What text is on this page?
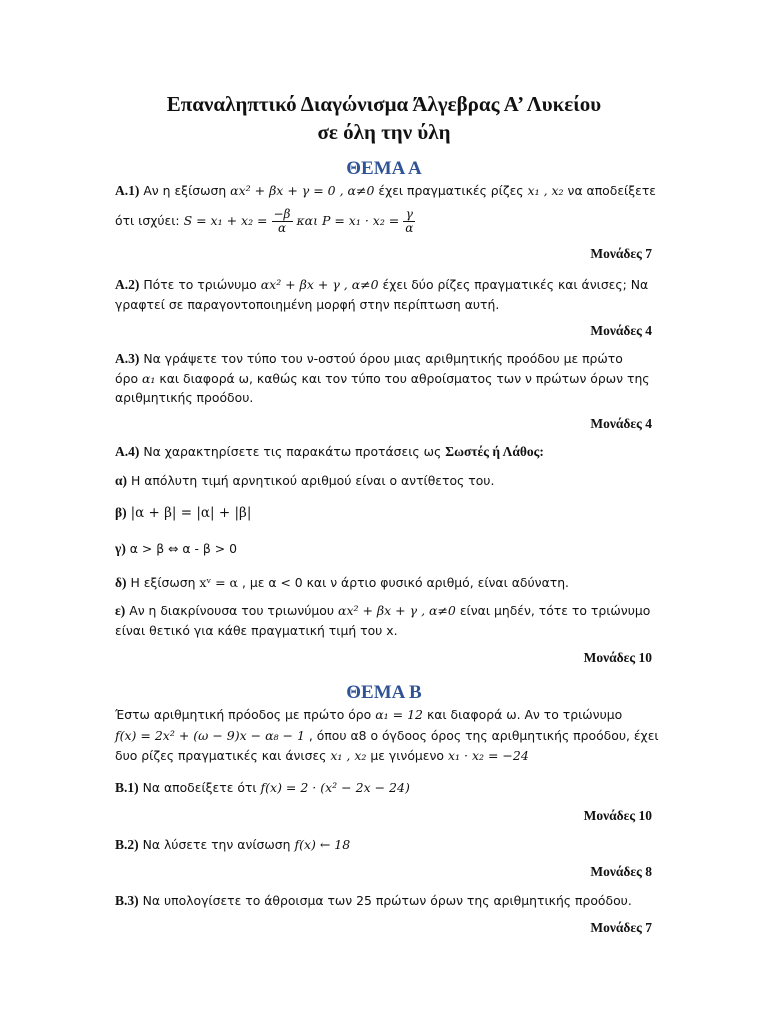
Επαναληπτικό Διαγώνισμα Άλγεβρας Α’ Λυκείου
σε όλη την ύλη
ΘΕΜΑ Α
Α.1) Αν η εξίσωση αx² + βx + γ = 0 , α≠0 έχει πραγματικές ρίζες x₁ , x₂ να αποδείξετε
ότι ισχύει: $S = x_1 + x_2 = \frac{-\beta}{\alpha}$ και $P = x_1 \cdot x_2 = \frac{\gamma}{\alpha}$
Μονάδες 7
Α.2) Πότε το τριώνυμο αx² + βx + γ , α≠0 έχει δύο ρίζες πραγματικές και άνισες; Να
γραφτεί σε παραγοντοποιημένη μορφή στην περίπτωση αυτή.
Μονάδες 4
Α.3) Να γράψετε τον τύπο του ν-οστού όρου μιας αριθμητικής προόδου με πρώτο
όρο α₁ και διαφορά ω, καθώς και τον τύπο του αθροίσματος των ν πρώτων όρων της
αριθμητικής προόδου.
Μονάδες 4
Α.4) Να χαρακτηρίσετε τις παρακάτω προτάσεις ως Σωστές ή Λάθος:
α) Η απόλυτη τιμή αρνητικού αριθμού είναι ο αντίθετος του.
β) |α + β| = |α| + |β|
γ) α > β ⇔ α - β > 0
δ) Η εξίσωση xᵛ = α , με α < 0 και ν άρτιο φυσικό αριθμό, είναι αδύνατη.
ε) Αν η διακρίνουσα του τριωνύμου αx² + βx + γ , α≠0 είναι μηδέν, τότε το τριώνυμο
είναι θετικό για κάθε πραγματική τιμή του x.
Μονάδες 10
ΘΕΜΑ Β
Έστω αριθμητική πρόοδος με πρώτο όρο α₁ = 12 και διαφορά ω. Αν το τριώνυμο
f(x) = 2x² + (ω − 9)x − α₈ − 1 , όπου α8 ο όγδοος όρος της αριθμητικής προόδου, έχει
δυο ρίζες πραγματικές και άνισες x₁ , x₂ με γινόμενο x₁ · x₂ = −24
Β.1) Να αποδείξετε ότι f(x) = 2 · (x² − 2x − 24)
Μονάδες 10
Β.2) Να λύσετε την ανίσωση f(x) ← 18
Μονάδες 8
Β.3) Να υπολογίσετε το άθροισμα των 25 πρώτων όρων της αριθμητικής προόδου.
Μονάδες 7
